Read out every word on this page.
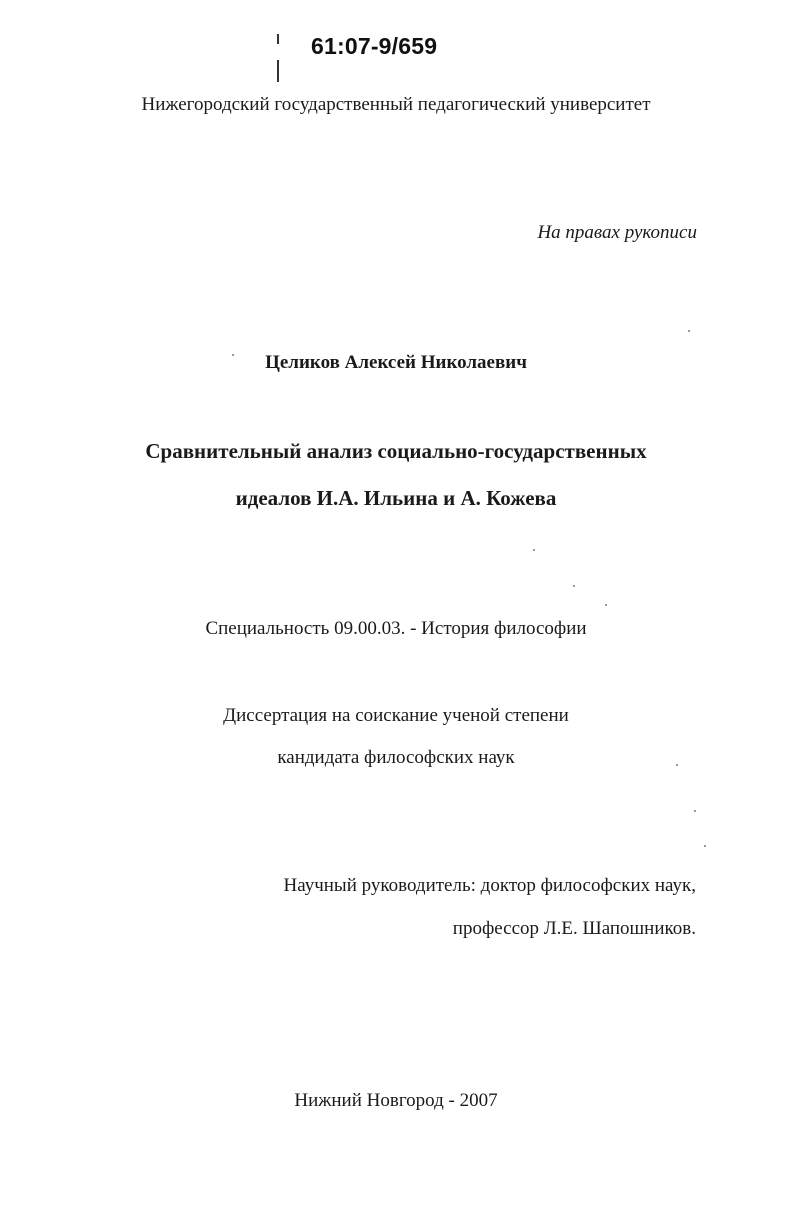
61:07-9/659
Нижегородский государственный педагогический университет
На правах рукописи
Целиков Алексей Николаевич
Сравнительный анализ социально-государственных
идеалов И.А. Ильина и А. Кожева
Специальность 09.00.03. - История философии
Диссертация на соискание ученой степени
кандидата философских наук
Научный руководитель: доктор философских наук,
профессор Л.Е. Шапошников.
Нижний Новгород - 2007
